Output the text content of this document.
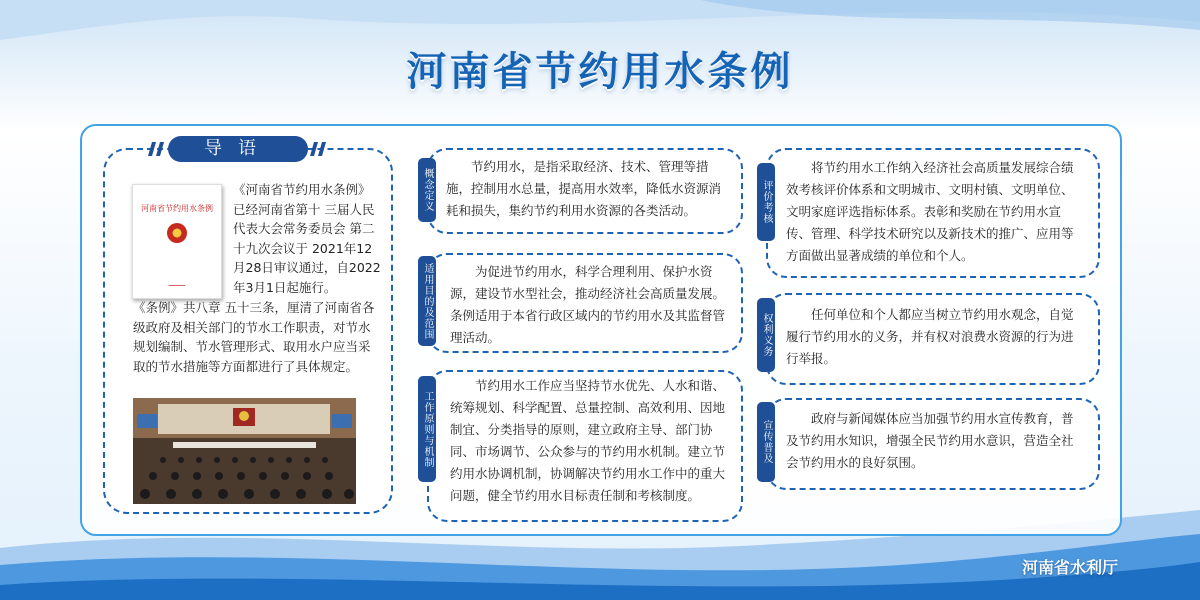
河南省节约用水条例
导语
河南省节约用水条例
━━━━━━━
《河南省节约用水条例》已经河南省第十 三届人民代表大会常务委员会 第二十九次会议于 2021年12月28日审议通过，自2022年3月1日起施行。
《条例》共八章 五十三条，厘清了河南省各级政府及相关部门的节水工作职责，对节水规划编制、节水管理形式、取用水户应当采取的节水措施等方面都进行了具体规定。
概念定义
节约用水，是指采取经济、技术、管理等措施，控制用水总量，提高用水效率，降低水资源消耗和损失，集约节约利用水资源的各类活动。
适用目的及范围	为促进节约用水，科学合理利用、保护水资源，建设节水型社会，推动经济社会高质量发展。条例适用于本省行政区域内的节约用水及其监督管理活动。
工作原则与机制
节约用水工作应当坚持节水优先、人水和谐、统筹规划、科学配置、总量控制、高效利用、因地制宜、分类指导的原则，建立政府主导、部门协同、市场调节、公众参与的节约用水机制。建立节约用水协调机制，协调解决节约用水工作中的重大问题，健全节约用水目标责任制和考核制度。
评价考核
将节约用水工作纳入经济社会高质量发展综合绩效考核评价体系和文明城市、文明村镇、文明单位、文明家庭评选指标体系。表彰和奖励在节约用水宣传、管理、科学技术研究以及新技术的推广、应用等方面做出显著成绩的单位和个人。
权利义务	任何单位和个人都应当树立节约用水观念，自觉履行节约用水的义务，并有权对浪费水资源的行为进行举报。
宣传普及
政府与新闻媒体应当加强节约用水宣传教育，普及节约用水知识，增强全民节约用水意识，营造全社会节约用水的良好氛围。
河南省水利厅
